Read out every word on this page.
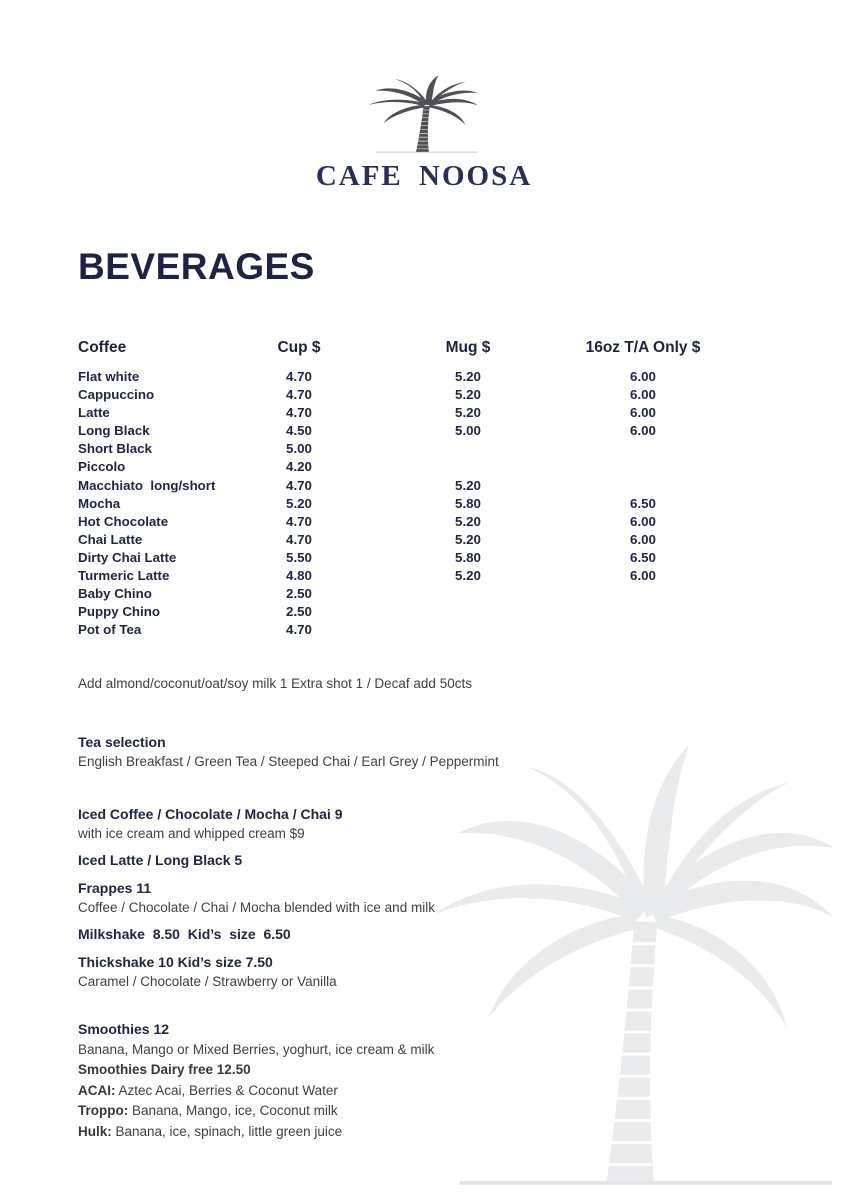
CAFE NOOSA
BEVERAGES
Coffee	Cup $	Mug $	16oz T/A Only $
Flat white	4.70	5.20	6.00
Cappuccino	4.70	5.20	6.00
Latte	4.70	5.20	6.00
Long Black	4.50	5.00	6.00
Short Black	5.00
Piccolo	4.20
Macchiato  long/short	4.70	5.20
Mocha	5.20	5.80	6.50
Hot Chocolate	4.70	5.20	6.00
Chai Latte	4.70	5.20	6.00
Dirty Chai Latte	5.50	5.80	6.50
Turmeric Latte	4.80	5.20	6.00
Baby Chino	2.50
Puppy Chino	2.50
Pot of Tea	4.70

Add almond/coconut/oat/soy milk 1 Extra shot 1 / Decaf add 50cts

Tea selection

English Breakfast / Green Tea / Steeped Chai / Earl Grey / Peppermint

Iced Coffee / Chocolate / Mocha / Chai 9

with ice cream and whipped cream $9

Iced Latte / Long Black 5
Frappes 11

Coffee / Chocolate / Chai / Mocha blended with ice and milk

Milkshake  8.50  Kid’s  size  6.50
Thickshake 10 Kid’s size 7.50

Caramel / Chocolate / Strawberry or Vanilla

Smoothies 12

Banana, Mango or Mixed Berries, yoghurt, ice cream & milk

Smoothies Dairy free 12.50

ACAI: Aztec Acai, Berries & Coconut Water

Troppo: Banana, Mango, ice, Coconut milk

Hulk: Banana, ice, spinach, little green juice
